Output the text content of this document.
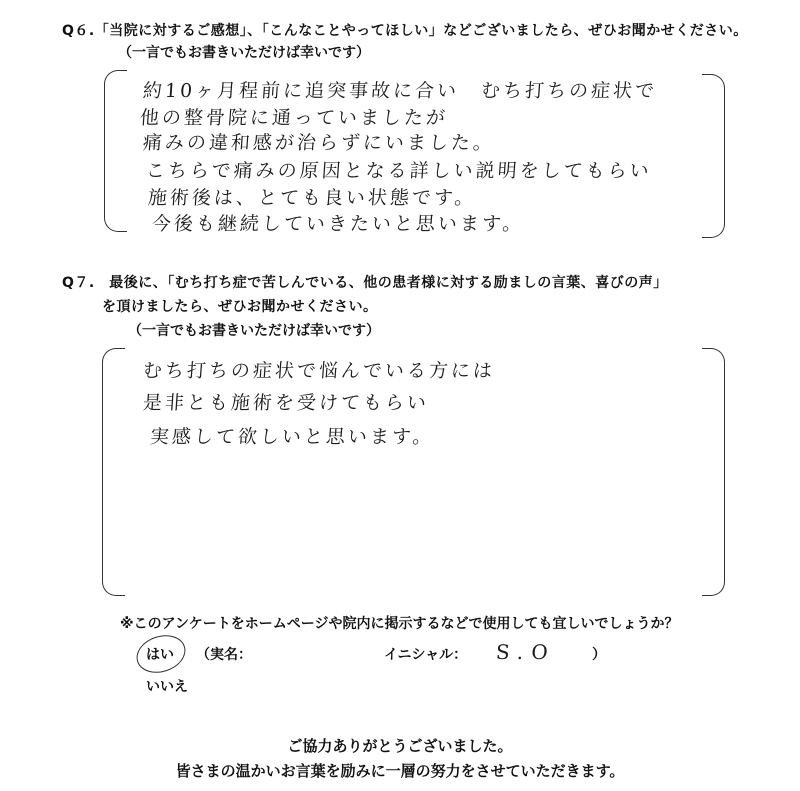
Q６.「当院に対するご感想」、「こんなことやってほしい」などございましたら、ぜひお聞かせください。
（一言でもお書きいただけば幸いです）
約10ヶ月程前に追突事故に合い　むち打ちの症状で
他の整骨院に通っていましたが
痛みの違和感が治らずにいました。
こちらで痛みの原因となる詳しい説明をしてもらい
施術後は、とても良い状態です。
今後も継続していきたいと思います。
Q７.　最後に、「むち打ち症で苦しんでいる、他の患者様に対する励ましの言葉、喜びの声」
を頂けましたら、ぜひお聞かせください。
（一言でもお書きいただけば幸いです）
むち打ちの症状で悩んでいる方には
是非とも施術を受けてもらい
実感して欲しいと思います。
※このアンケートをホームページや院内に掲示するなどで使用しても宜しいでしょうか？
はい
いいえ
（実名：	イニシャル： S.O	）
ご協力ありがとうございました。
皆さまの温かいお言葉を励みに一層の努力をさせていただきます。
